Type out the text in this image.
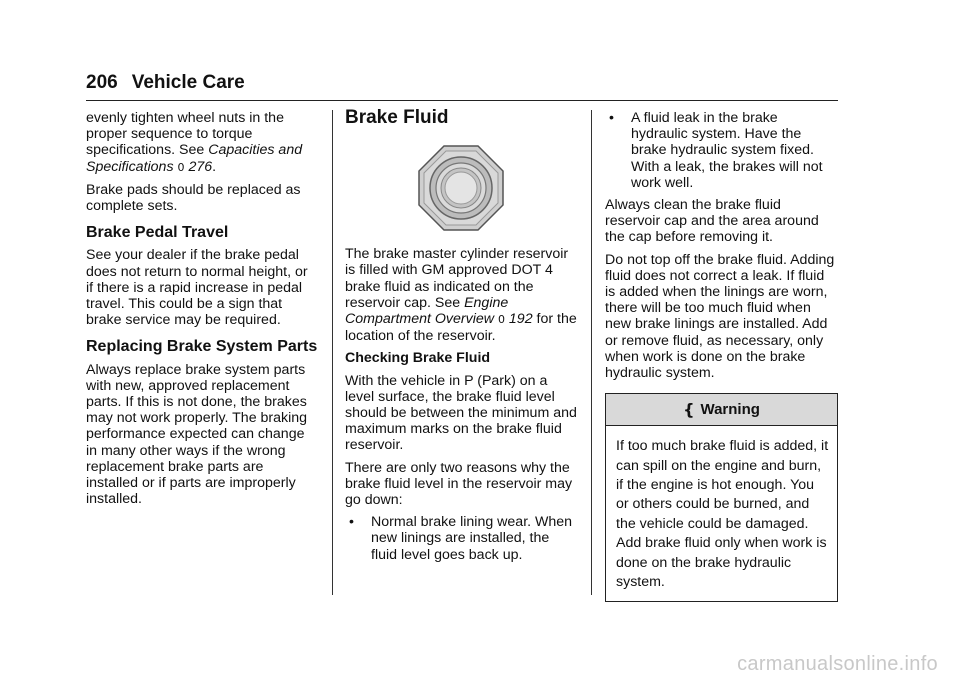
206 Vehicle Care

evenly tighten wheel nuts in the proper sequence to torque specifications. See Capacities and Specifications 0 276.

Brake pads should be replaced as complete sets.

Brake Pedal Travel

See your dealer if the brake pedal does not return to normal height, or if there is a rapid increase in pedal travel. This could be a sign that brake service may be required.

Replacing Brake System Parts

Always replace brake system parts with new, approved replacement parts. If this is not done, the brakes may not work properly. The braking performance expected can change in many other ways if the wrong replacement brake parts are installed or if parts are improperly installed.

Brake Fluid

The brake master cylinder reservoir is filled with GM approved DOT 4 brake fluid as indicated on the reservoir cap. See Engine Compartment Overview 0 192 for the location of the reservoir.

Checking Brake Fluid

With the vehicle in P (Park) on a level surface, the brake fluid level should be between the minimum and maximum marks on the brake fluid reservoir.

There are only two reasons why the brake fluid level in the reservoir may go down:

• Normal brake lining wear. When new linings are installed, the fluid level goes back up.
• A fluid leak in the brake hydraulic system. Have the brake hydraulic system fixed. With a leak, the brakes will not work well.

Always clean the brake fluid reservoir cap and the area around the cap before removing it.

Do not top off the brake fluid. Adding fluid does not correct a leak. If fluid is added when the linings are worn, there will be too much fluid when new brake linings are installed. Add or remove fluid, as necessary, only when work is done on the brake hydraulic system.

{ Warning
If too much brake fluid is added, it can spill on the engine and burn, if the engine is hot enough. You or others could be burned, and the vehicle could be damaged. Add brake fluid only when work is done on the brake hydraulic system.
carmanualsonline.info
